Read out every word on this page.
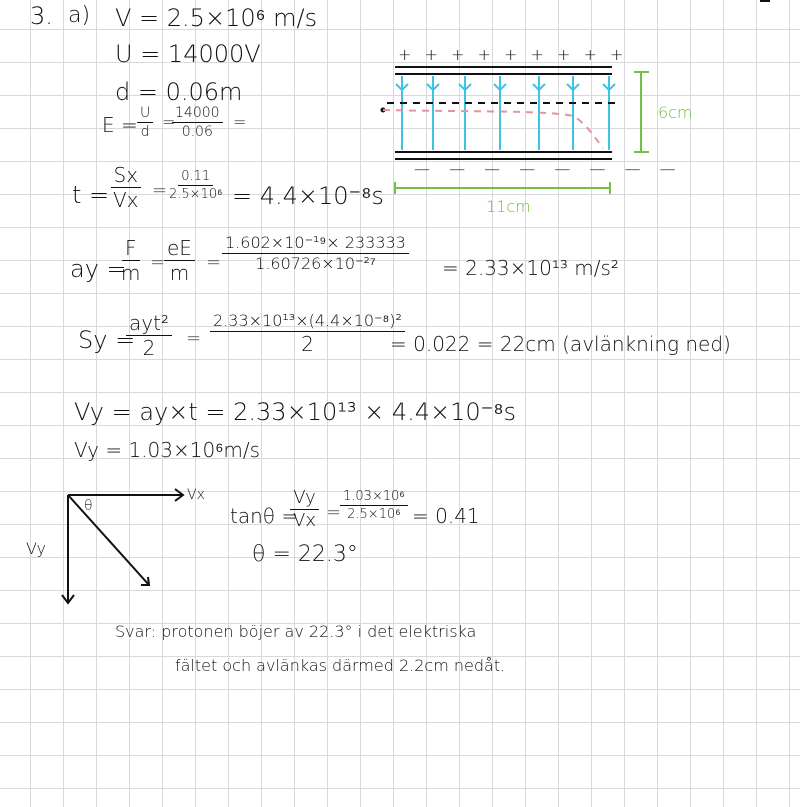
3. a) V = 2.5×10⁶ m/s
U = 14000V
d = 0.06m
$E = \frac{U}{d}$ =
$\frac{14000}{0.06}$ =
+ + + + + + + + +
— — — — — — — —
6cm
11cm
$t = \frac{Sx}{Vx}$ =
$\frac{0.11}{\text{2.5×10⁶}} = 4.4\times 10^{-8}s$
ay =
$\frac{F}{m}$ =
$\frac{eE}{m} = \frac{\text{1.602×10⁻¹⁹× 233333}}{\text{1.60726×10⁻²⁷}} = 2.33\times 10^{13}$ m/s²
Sy =
ayt²
2 =
2.33×10¹³×(4.4×10⁻⁸)²
2	= 0.022 = 22cm (avlänkning ned)
Vy = ay×t = 2.33×10¹³ × 4.4×10⁻⁸s
Vy = 1.03×10⁶m/s
Vx
Vy
θ	tanθ =
$\frac{Vy}{Vx}$ =
$\frac{\text{1.03×10⁶}}{\text{2.5×10⁶}} = 0.41$
θ = 22.3°
Svar: protonen böjer av 22.3° i det elektriska
fältet och avlänkas därmed 2.2cm nedåt.
